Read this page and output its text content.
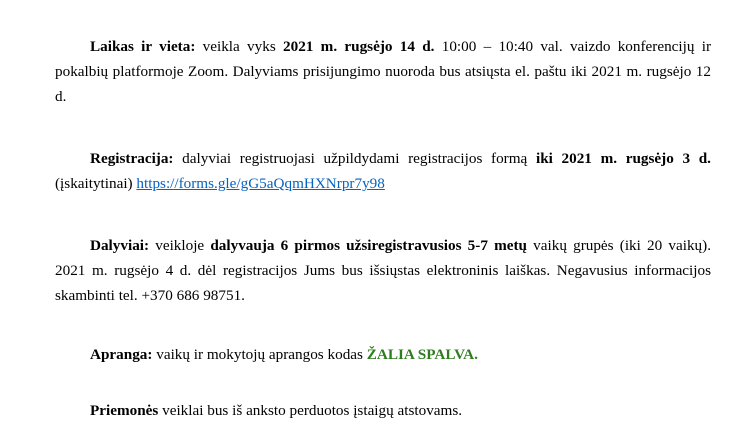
Laikas ir vieta: veikla vyks 2021 m. rugsėjo 14 d. 10:00 – 10:40 val. vaizdo konferencijų ir pokalbių platformoje Zoom. Dalyviams prisijungimo nuoroda bus atsiųsta el. paštu iki 2021 m. rugsėjo 12 d.

Registracija: dalyviai registruojasi užpildydami registracijos formą iki 2021 m. rugsėjo 3 d. (įskaitytinai) https://forms.gle/gG5aQqmHXNrpr7y98

Dalyviai: veikloje dalyvauja 6 pirmos užsiregistravusios 5-7 metų vaikų grupės (iki 20 vaikų). 2021 m. rugsėjo 4 d. dėl registracijos Jums bus išsiųstas elektroninis laiškas. Negavusius informacijos skambinti tel. +370 686 98751.

Apranga: vaikų ir mokytojų aprangos kodas ŽALIA SPALVA.

Priemonės veiklai bus iš anksto perduotos įstaigų atstovams.
